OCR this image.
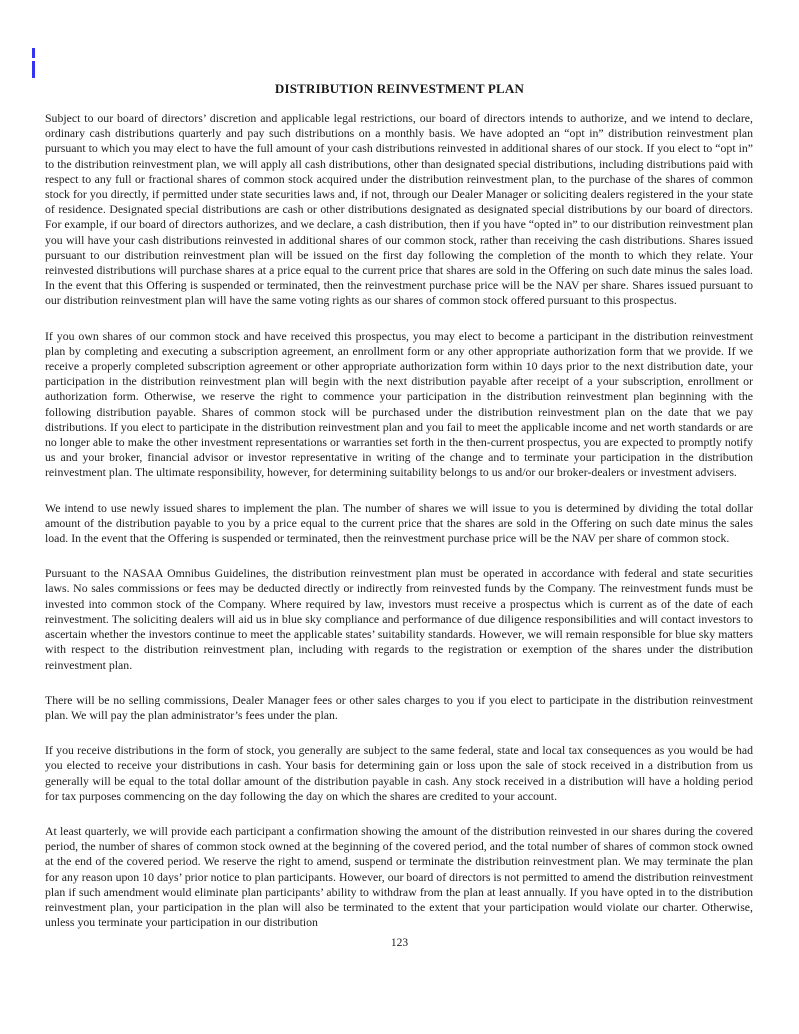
DISTRIBUTION REINVESTMENT PLAN

Subject to our board of directors’ discretion and applicable legal restrictions, our board of directors intends to authorize, and we intend to declare, ordinary cash distributions quarterly and pay such distributions on a monthly basis. We have adopted an “opt in” distribution reinvestment plan pursuant to which you may elect to have the full amount of your cash distributions reinvested in additional shares of our stock. If you elect to “opt in” to the distribution reinvestment plan, we will apply all cash distributions, other than designated special distributions, including distributions paid with respect to any full or fractional shares of common stock acquired under the distribution reinvestment plan, to the purchase of the shares of common stock for you directly, if permitted under state securities laws and, if not, through our Dealer Manager or soliciting dealers registered in the your state of residence. Designated special distributions are cash or other distributions designated as designated special distributions by our board of directors. For example, if our board of directors authorizes, and we declare, a cash distribution, then if you have “opted in” to our distribution reinvestment plan you will have your cash distributions reinvested in additional shares of our common stock, rather than receiving the cash distributions. Shares issued pursuant to our distribution reinvestment plan will be issued on the first day following the completion of the month to which they relate. Your reinvested distributions will purchase shares at a price equal to the current price that shares are sold in the Offering on such date minus the sales load. In the event that this Offering is suspended or terminated, then the reinvestment purchase price will be the NAV per share. Shares issued pursuant to our distribution reinvestment plan will have the same voting rights as our shares of common stock offered pursuant to this prospectus.

If you own shares of our common stock and have received this prospectus, you may elect to become a participant in the distribution reinvestment plan by completing and executing a subscription agreement, an enrollment form or any other appropriate authorization form that we provide. If we receive a properly completed subscription agreement or other appropriate authorization form within 10 days prior to the next distribution date, your participation in the distribution reinvestment plan will begin with the next distribution payable after receipt of a your subscription, enrollment or authorization form. Otherwise, we reserve the right to commence your participation in the distribution reinvestment plan beginning with the following distribution payable. Shares of common stock will be purchased under the distribution reinvestment plan on the date that we pay distributions. If you elect to participate in the distribution reinvestment plan and you fail to meet the applicable income and net worth standards or are no longer able to make the other investment representations or warranties set forth in the then-current prospectus, you are expected to promptly notify us and your broker, financial advisor or investor representative in writing of the change and to terminate your participation in the distribution reinvestment plan. The ultimate responsibility, however, for determining suitability belongs to us and/or our broker-dealers or investment advisers.

We intend to use newly issued shares to implement the plan. The number of shares we will issue to you is determined by dividing the total dollar amount of the distribution payable to you by a price equal to the current price that the shares are sold in the Offering on such date minus the sales load. In the event that the Offering is suspended or terminated, then the reinvestment purchase price will be the NAV per share of common stock.

Pursuant to the NASAA Omnibus Guidelines, the distribution reinvestment plan must be operated in accordance with federal and state securities laws. No sales commissions or fees may be deducted directly or indirectly from reinvested funds by the Company. The reinvestment funds must be invested into common stock of the Company. Where required by law, investors must receive a prospectus which is current as of the date of each reinvestment. The soliciting dealers will aid us in blue sky compliance and performance of due diligence responsibilities and will contact investors to ascertain whether the investors continue to meet the applicable states’ suitability standards. However, we will remain responsible for blue sky matters with respect to the distribution reinvestment plan, including with regards to the registration or exemption of the shares under the distribution reinvestment plan.

There will be no selling commissions, Dealer Manager fees or other sales charges to you if you elect to participate in the distribution reinvestment plan. We will pay the plan administrator’s fees under the plan.

If you receive distributions in the form of stock, you generally are subject to the same federal, state and local tax consequences as you would be had you elected to receive your distributions in cash. Your basis for determining gain or loss upon the sale of stock received in a distribution from us generally will be equal to the total dollar amount of the distribution payable in cash. Any stock received in a distribution will have a holding period for tax purposes commencing on the day following the day on which the shares are credited to your account.

At least quarterly, we will provide each participant a confirmation showing the amount of the distribution reinvested in our shares during the covered period, the number of shares of common stock owned at the beginning of the covered period, and the total number of shares of common stock owned at the end of the covered period. We reserve the right to amend, suspend or terminate the distribution reinvestment plan. We may terminate the plan for any reason upon 10 days’ prior notice to plan participants. However, our board of directors is not permitted to amend the distribution reinvestment plan if such amendment would eliminate plan participants’ ability to withdraw from the plan at least annually. If you have opted in to the distribution reinvestment plan, your participation in the plan will also be terminated to the extent that your participation would violate our charter. Otherwise, unless you terminate your participation in our distribution

123
